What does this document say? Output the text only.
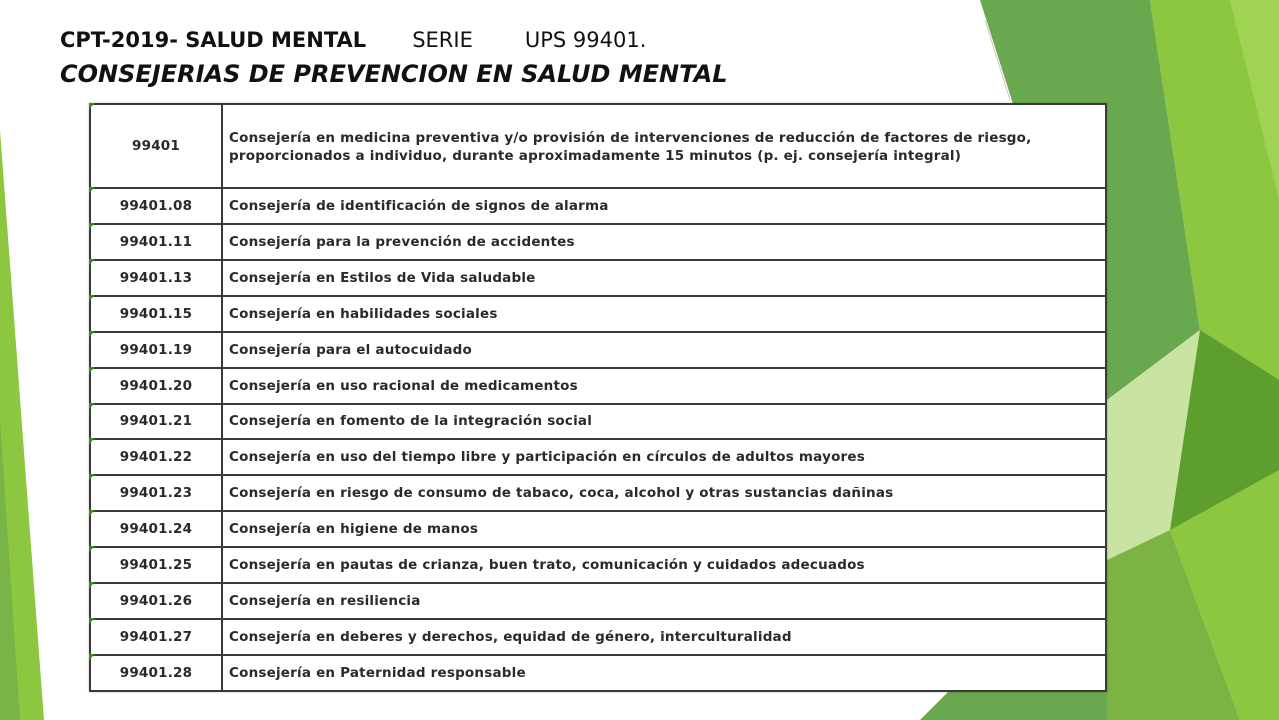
CPT-2019- SALUD MENTAL SERIE UPS 99401.
CONSEJERIAS DE PREVENCION EN SALUD MENTAL
99401	Consejería en medicina preventiva y/o provisión de intervenciones de reducción de factores de riesgo, proporcionados a individuo, durante aproximadamente 15 minutos (p. ej. consejería integral)
99401.08	Consejería de identificación de signos de alarma
99401.11	Consejería para la prevención de accidentes
99401.13	Consejería en Estilos de Vida saludable
99401.15	Consejería en habilidades sociales
99401.19	Consejería para el autocuidado
99401.20	Consejería en uso racional de medicamentos
99401.21	Consejería en fomento de la integración social
99401.22	Consejería en uso del tiempo libre y participación en círculos de adultos mayores
99401.23	Consejería en riesgo de consumo de tabaco, coca, alcohol y otras sustancias dañinas
99401.24	Consejería en higiene de manos
99401.25	Consejería en pautas de crianza, buen trato, comunicación y cuidados adecuados
99401.26	Consejería en resiliencia
99401.27	Consejería en deberes y derechos, equidad de género, interculturalidad
99401.28	Consejería en Paternidad responsable
